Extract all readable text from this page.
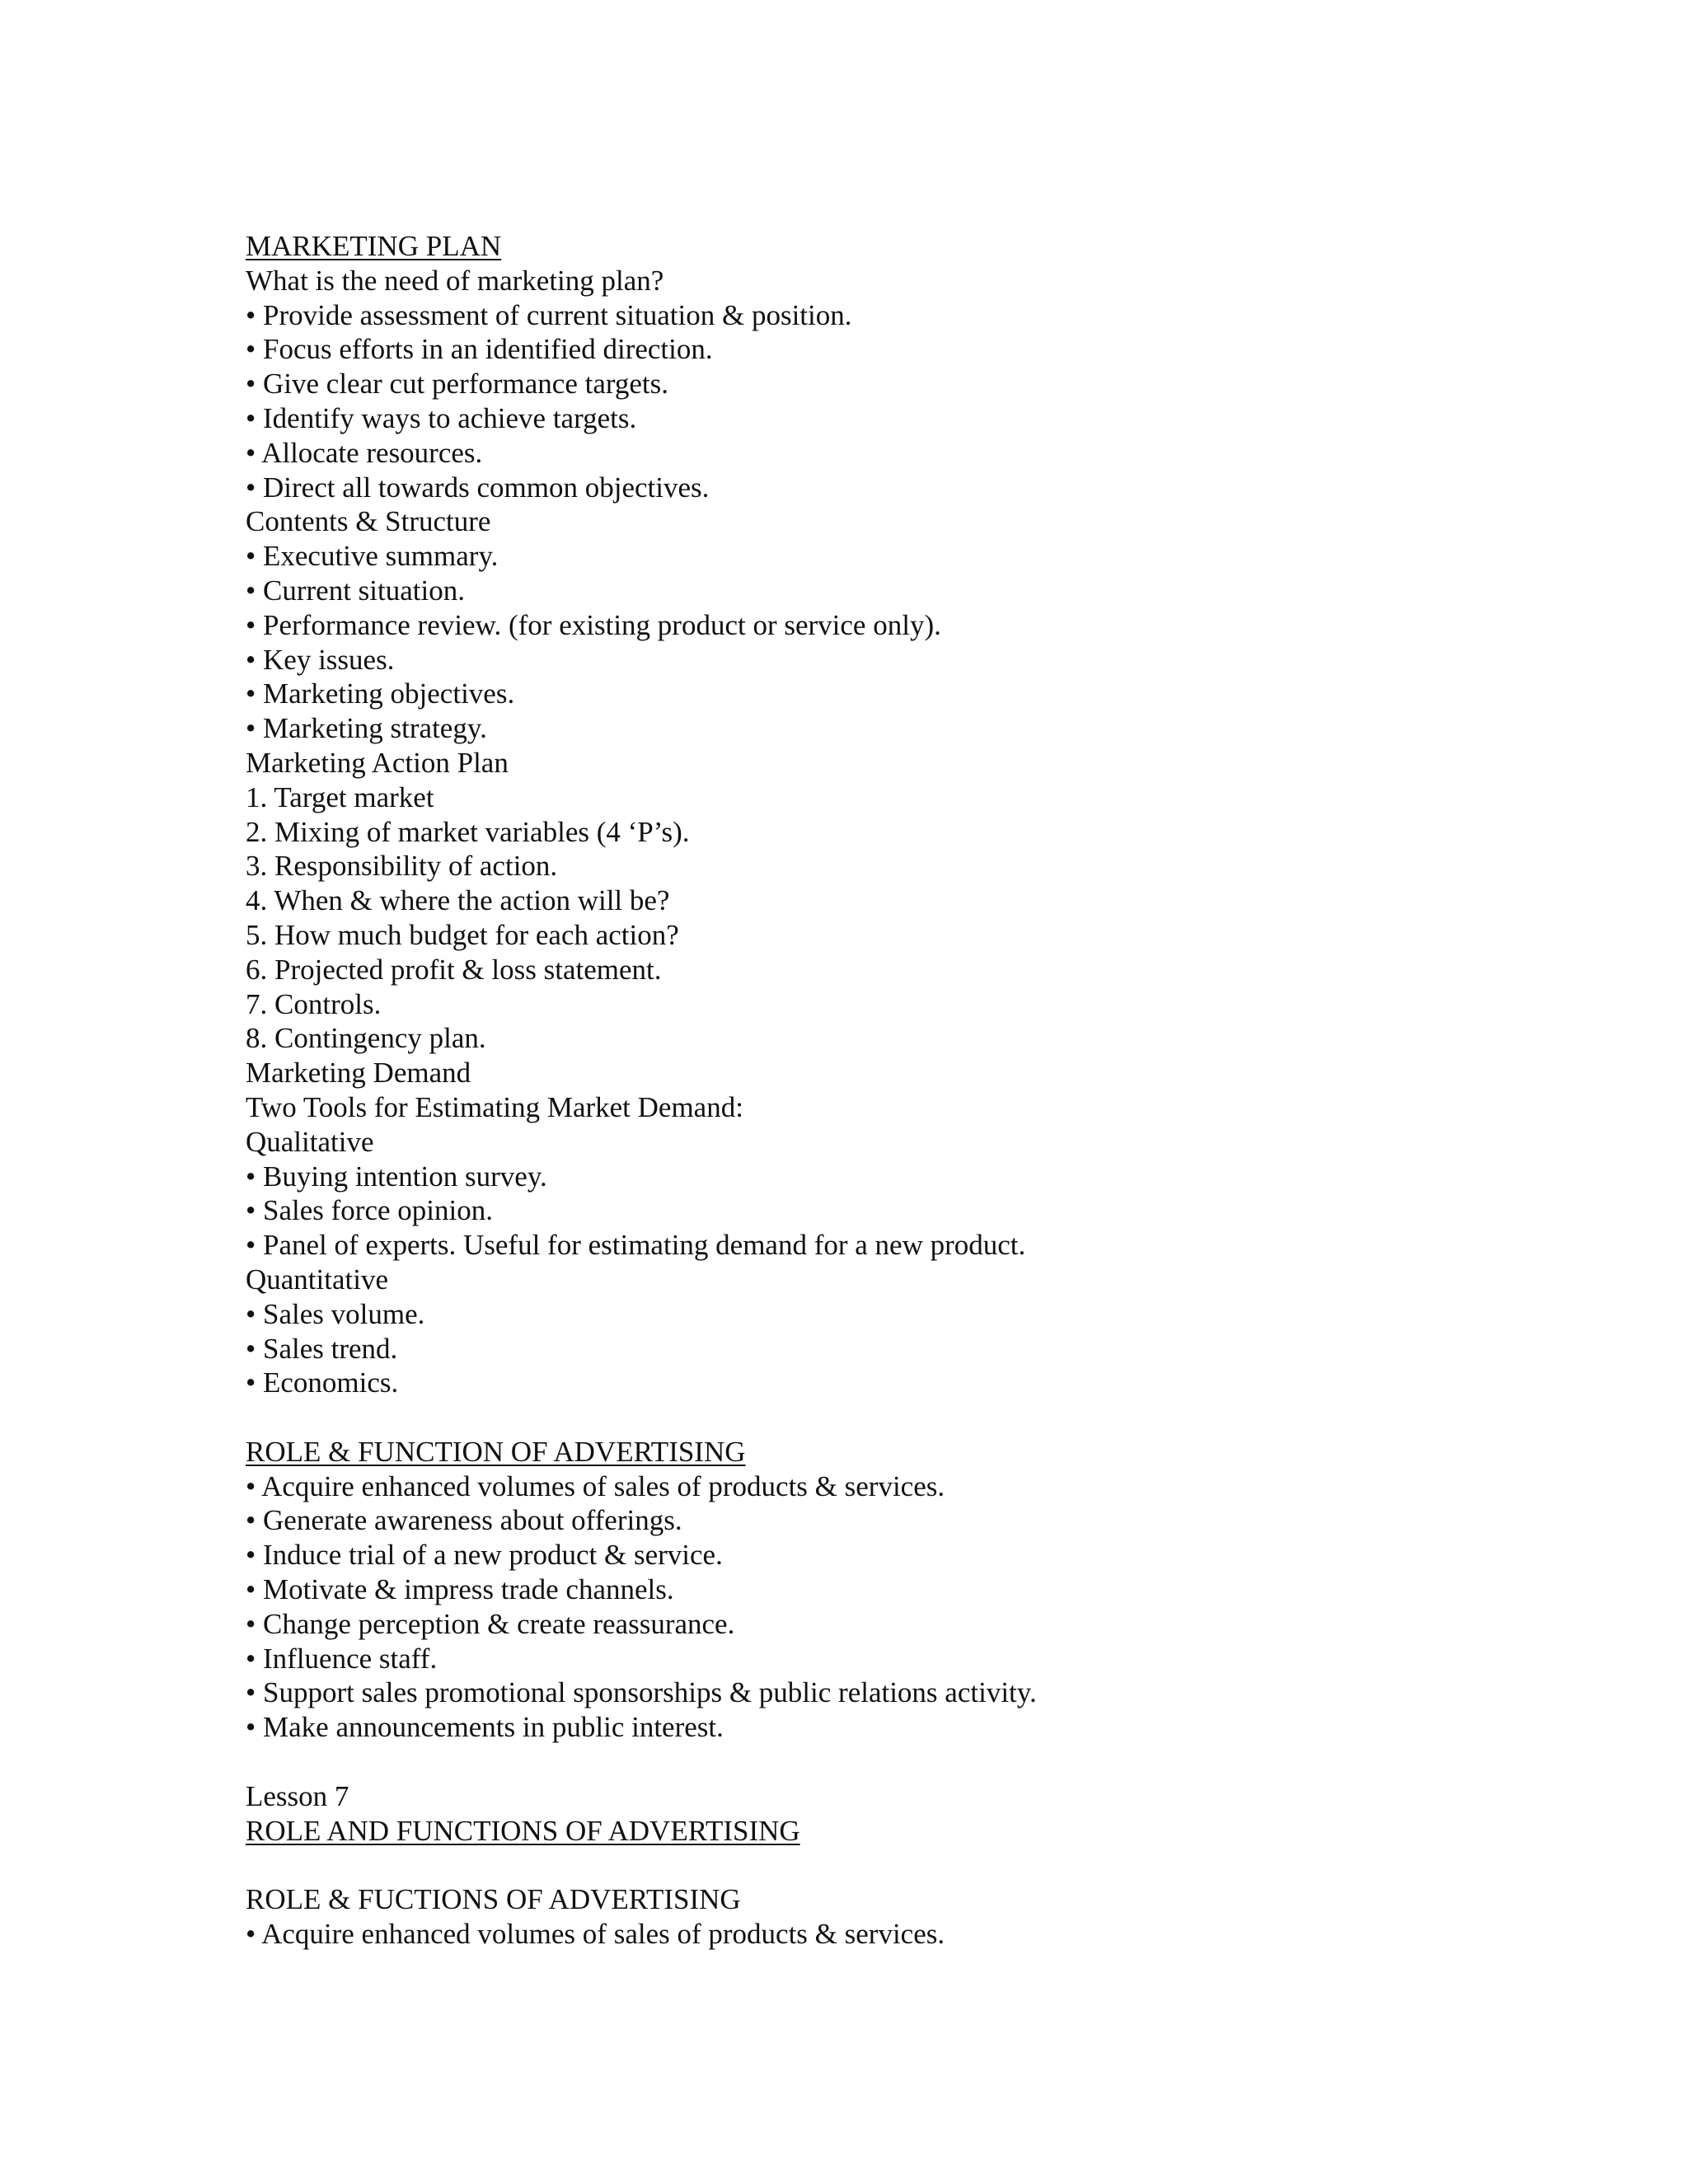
MARKETING PLAN
What is the need of marketing plan?
• Provide assessment of current situation & position.
• Focus efforts in an identified direction.
• Give clear cut performance targets.
• Identify ways to achieve targets.
• Allocate resources.
• Direct all towards common objectives.
Contents & Structure
• Executive summary.
• Current situation.
• Performance review. (for existing product or service only).
• Key issues.
• Marketing objectives.
• Marketing strategy.
Marketing Action Plan
1. Target market
2. Mixing of market variables (4 ‘P’s).
3. Responsibility of action.
4. When & where the action will be?
5. How much budget for each action?
6. Projected profit & loss statement.
7. Controls.
8. Contingency plan.
Marketing Demand
Two Tools for Estimating Market Demand:
Qualitative
• Buying intention survey.
• Sales force opinion.
• Panel of experts. Useful for estimating demand for a new product.
Quantitative
• Sales volume.
• Sales trend.
• Economics.
ROLE & FUNCTION OF ADVERTISING
• Acquire enhanced volumes of sales of products & services.
• Generate awareness about offerings.
• Induce trial of a new product & service.
• Motivate & impress trade channels.
• Change perception & create reassurance.
• Influence staff.
• Support sales promotional sponsorships & public relations activity.
• Make announcements in public interest.
Lesson 7
ROLE AND FUNCTIONS OF ADVERTISING
ROLE & FUCTIONS OF ADVERTISING
• Acquire enhanced volumes of sales of products & services.
